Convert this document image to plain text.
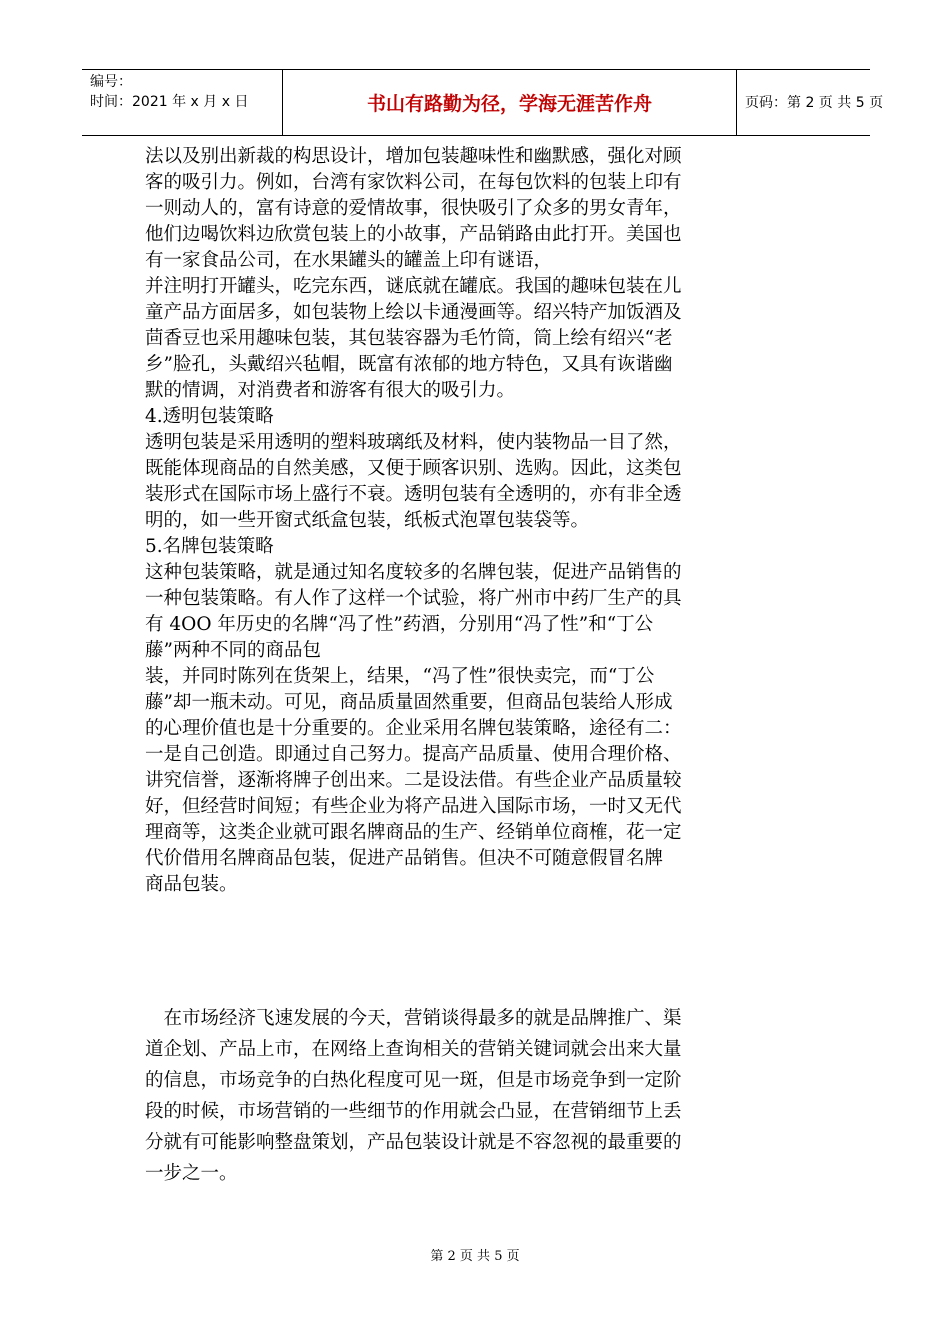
编号：
时间：2021 年 x 月 x 日	书山有路勤为径，学海无涯苦作舟	页码：第 2 页 共 5 页
法以及别出新裁的构思设计，增加包装趣味性和幽默感，强化对顾
客的吸引力。例如，台湾有家饮料公司，在每包饮料的包装上印有
一则动人的，富有诗意的爱情故事，很快吸引了众多的男女青年，
他们边喝饮料边欣赏包装上的小故事，产品销路由此打开。美国也
有一家食品公司，在水果罐头的罐盖上印有谜语，
并注明打开罐头，吃完东西，谜底就在罐底。我国的趣味包装在儿
童产品方面居多，如包装物上绘以卡通漫画等。绍兴特产加饭酒及
茴香豆也采用趣味包装，其包装容器为毛竹筒，筒上绘有绍兴“老
乡”脸孔，头戴绍兴毡帽，既富有浓郁的地方特色，又具有诙谐幽
默的情调，对消费者和游客有很大的吸引力。
4.透明包装策略
透明包装是采用透明的塑料玻璃纸及材料，使内装物品一目了然，
既能体现商品的自然美感，又便于顾客识别、选购。因此，这类包
装形式在国际市场上盛行不衰。透明包装有全透明的，亦有非全透
明的，如一些开窗式纸盒包装，纸板式泡罩包装袋等。
5.名牌包装策略
这种包装策略，就是通过知名度较多的名牌包装，促进产品销售的
一种包装策略。有人作了这样一个试验，将广州市中药厂生产的具
有 4OO 年历史的名牌“冯了性”药酒，分别用“冯了性”和“丁公
藤”两种不同的商品包
装，并同时陈列在货架上，结果，“冯了性”很快卖完，而“丁公
藤”却一瓶未动。可见，商品质量固然重要，但商品包装给人形成
的心理价值也是十分重要的。企业采用名牌包装策略，途径有二：
一是自己创造。即通过自己努力。提高产品质量、使用合理价格、
讲究信誉，逐渐将牌子创出来。二是设法借。有些企业产品质量较
好，但经营时间短；有些企业为将产品进入国际市场，一时又无代
理商等，这类企业就可跟名牌商品的生产、经销单位商榷，花一定
代价借用名牌商品包装，促进产品销售。但决不可随意假冒名牌
商品包装。
　在市场经济飞速发展的今天，营销谈得最多的就是品牌推广、渠
道企划、产品上市，在网络上查询相关的营销关键词就会出来大量
的信息，市场竞争的白热化程度可见一斑，但是市场竞争到一定阶
段的时候，市场营销的一些细节的作用就会凸显，在营销细节上丢
分就有可能影响整盘策划，产品包装设计就是不容忽视的最重要的
一步之一。
第 2 页 共 5 页
